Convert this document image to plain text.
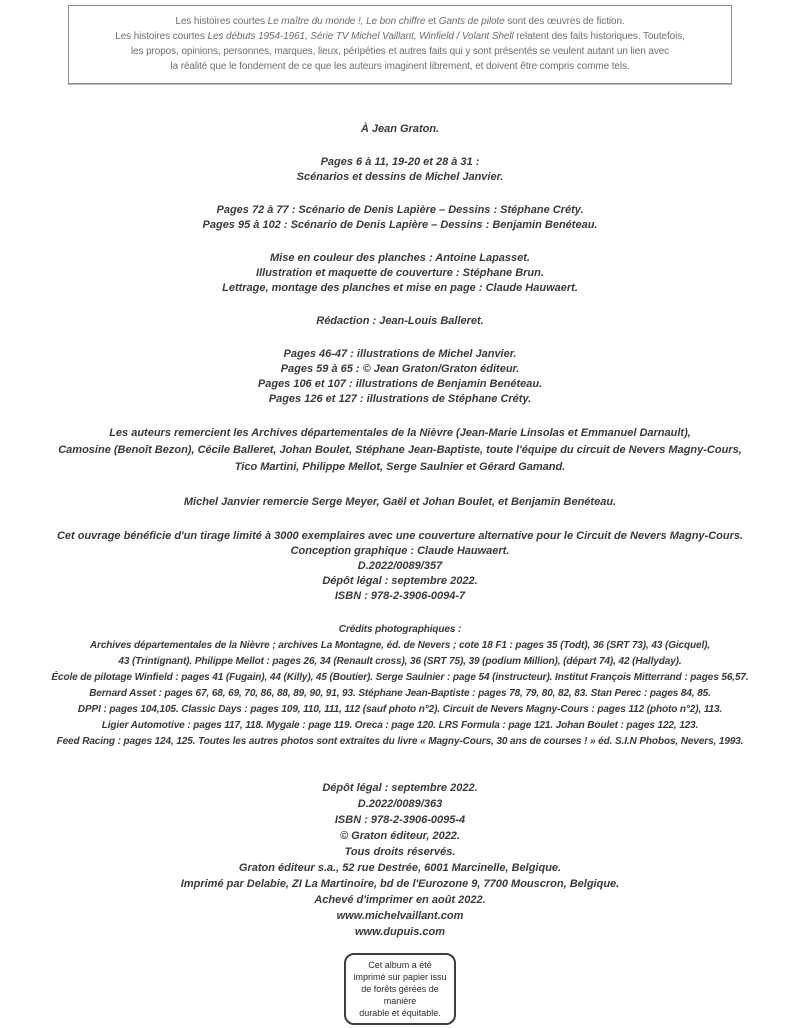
Les histoires courtes Le maître du monde !, Le bon chiffre et Gants de pilote sont des œuvres de fiction.

Les histoires courtes Les débuts 1954-1961, Série TV Michel Vaillant, Winfield / Volant Shell relatent des faits historiques. Toutefois,

les propos, opinions, personnes, marques, lieux, péripéties et autres faits qui y sont présentés se veulent autant un lien avec

la réalité que le fondement de ce que les auteurs imaginent librement, et doivent être compris comme tels.

À Jean Graton.

Pages 6 à 11, 19-20 et 28 à 31 :

Scénarios et dessins de Michel Janvier.

Pages 72 à 77 : Scénario de Denis Lapière – Dessins : Stéphane Créty.

Pages 95 à 102 : Scénario de Denis Lapière – Dessins : Benjamin Benéteau.

Mise en couleur des planches : Antoine Lapasset.

Illustration et maquette de couverture : Stéphane Brun.

Lettrage, montage des planches et mise en page : Claude Hauwaert.

Rédaction : Jean-Louis Balleret.

Pages 46-47 : illustrations de Michel Janvier.

Pages 59 à 65 : © Jean Graton/Graton éditeur.

Pages 106 et 107 : illustrations de Benjamin Benéteau.

Pages 126 et 127 : illustrations de Stéphane Créty.

Les auteurs remercient les Archives départementales de la Nièvre (Jean-Marie Linsolas et Emmanuel Darnault),

Camosine (Benoît Bezon), Cécile Balleret, Johan Boulet, Stéphane Jean-Baptiste, toute l'équipe du circuit de Nevers Magny-Cours,

Tico Martini, Philippe Mellot, Serge Saulnier et Gérard Gamand.

Michel Janvier remercie Serge Meyer, Gaël et Johan Boulet, et Benjamin Benéteau.

Cet ouvrage bénéficie d'un tirage limité à 3000 exemplaires avec une couverture alternative pour le Circuit de Nevers Magny-Cours.

Conception graphique : Claude Hauwaert.

D.2022/0089/357

Dépôt légal : septembre 2022.

ISBN : 978-2-3906-0094-7

Crédits photographiques :

Archives départementales de la Nièvre ; archives La Montagne, éd. de Nevers ; cote 18 F1 : pages 35 (Todt), 36 (SRT 73), 43 (Gicquel),

43 (Trintignant). Philippe Mellot : pages 26, 34 (Renault cross), 36 (SRT 75), 39 (podium Million), (départ 74), 42 (Hallyday).

École de pilotage Winfield : pages 41 (Fugain), 44 (Killy), 45 (Boutier). Serge Saulnier : page 54 (instructeur). Institut François Mitterrand : pages 56,57.

Bernard Asset : pages 67, 68, 69, 70, 86, 88, 89, 90, 91, 93. Stéphane Jean-Baptiste : pages 78, 79, 80, 82, 83. Stan Perec : pages 84, 85.

DPPI : pages 104,105. Classic Days : pages 109, 110, 111, 112 (sauf photo n°2). Circuit de Nevers Magny-Cours : pages 112 (photo n°2), 113.

Ligier Automotive : pages 117, 118. Mygale : page 119. Oreca : page 120. LRS Formula : page 121. Johan Boulet : pages 122, 123.

Feed Racing : pages 124, 125. Toutes les autres photos sont extraites du livre « Magny-Cours, 30 ans de courses ! » éd. S.I.N Phobos, Nevers, 1993.

Dépôt légal : septembre 2022.

D.2022/0089/363

ISBN : 978-2-3906-0095-4

© Graton éditeur, 2022.

Tous droits réservés.

Graton éditeur s.a., 52 rue Destrée, 6001 Marcinelle, Belgique.

Imprimé par Delabie, ZI La Martinoire, bd de l'Eurozone 9, 7700 Mouscron, Belgique.

Achevé d'imprimer en août 2022.

www.michelvaillant.com

www.dupuis.com

Cet album a été

imprimé sur papier issu

de forêts gérées de

manière

durable et équitable.
